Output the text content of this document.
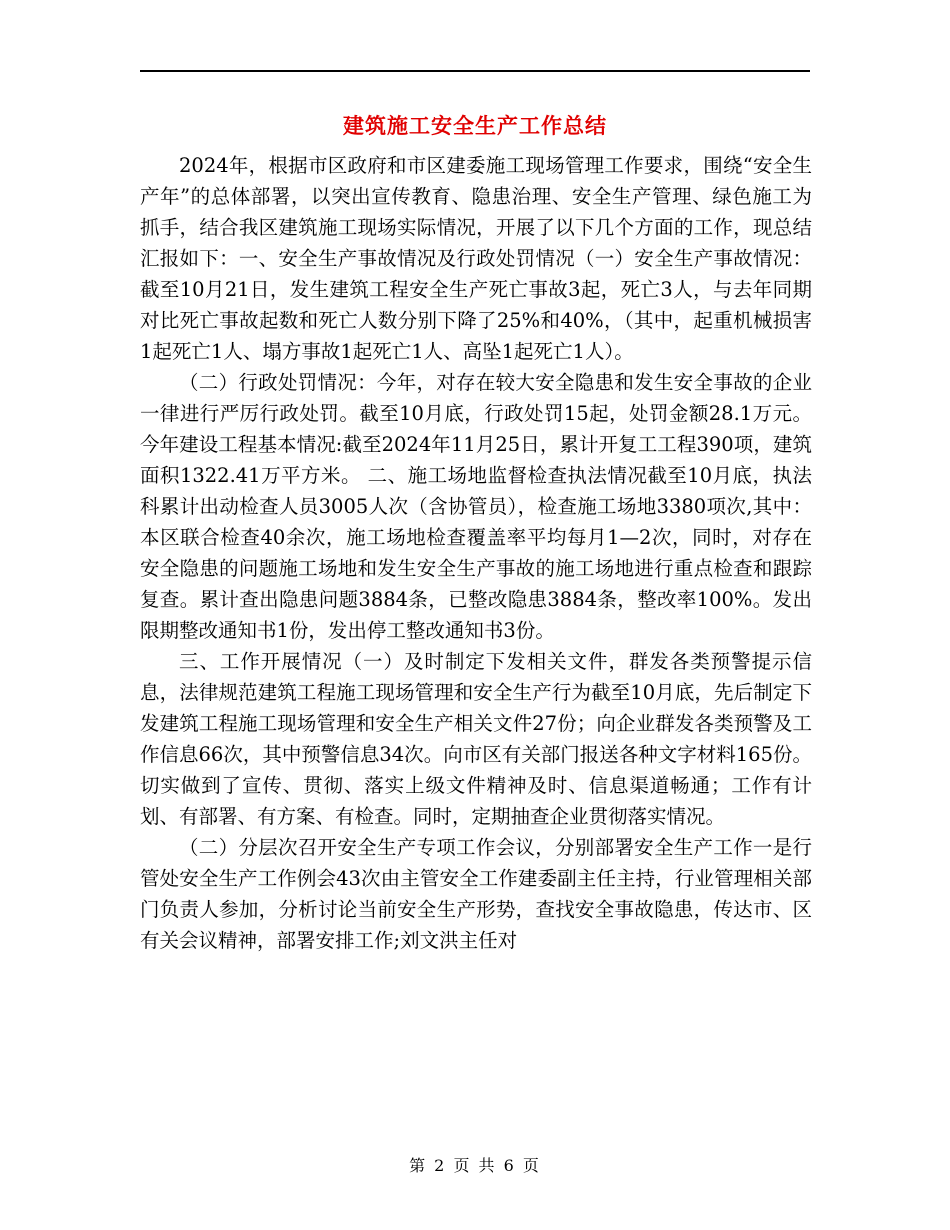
建筑施工安全生产工作总结

2024年，根据市区政府和市区建委施工现场管理工作要求，围绕“安全生产年”的总体部署，以突出宣传教育、隐患治理、安全生产管理、绿色施工为抓手，结合我区建筑施工现场实际情况，开展了以下几个方面的工作，现总结汇报如下：一、安全生产事故情况及行政处罚情况（一）安全生产事故情况：截至10月21日，发生建筑工程安全生产死亡事故3起，死亡3人，与去年同期对比死亡事故起数和死亡人数分别下降了25%和40%，（其中，起重机械损害1起死亡1人、塌方事故1起死亡1人、高坠1起死亡1人）。

（二）行政处罚情况：今年，对存在较大安全隐患和发生安全事故的企业一律进行严厉行政处罚。截至10月底，行政处罚15起，处罚金额28.1万元。今年建设工程基本情况:截至2024年11月25日，累计开复工工程390项，建筑面积1322.41万平方米。 二、施工场地监督检查执法情况截至10月底，执法科累计出动检查人员3005人次（含协管员），检查施工场地3380项次,其中：本区联合检查40余次，施工场地检查覆盖率平均每月1—2次，同时，对存在安全隐患的问题施工场地和发生安全生产事故的施工场地进行重点检查和跟踪复查。累计查出隐患问题3884条，已整改隐患3884条，整改率100%。发出限期整改通知书1份，发出停工整改通知书3份。

三、工作开展情况（一）及时制定下发相关文件，群发各类预警提示信息，法律规范建筑工程施工现场管理和安全生产行为截至10月底，先后制定下发建筑工程施工现场管理和安全生产相关文件27份；向企业群发各类预警及工作信息66次，其中预警信息34次。向市区有关部门报送各种文字材料165份。切实做到了宣传、贯彻、落实上级文件精神及时、信息渠道畅通；工作有计划、有部署、有方案、有检查。同时，定期抽查企业贯彻落实情况。

（二）分层次召开安全生产专项工作会议，分别部署安全生产工作一是行管处安全生产工作例会43次由主管安全工作建委副主任主持，行业管理相关部门负责人参加，分析讨论当前安全生产形势，查找安全事故隐患，传达市、区有关会议精神，部署安排工作;刘文洪主任对

第 2 页 共 6 页
